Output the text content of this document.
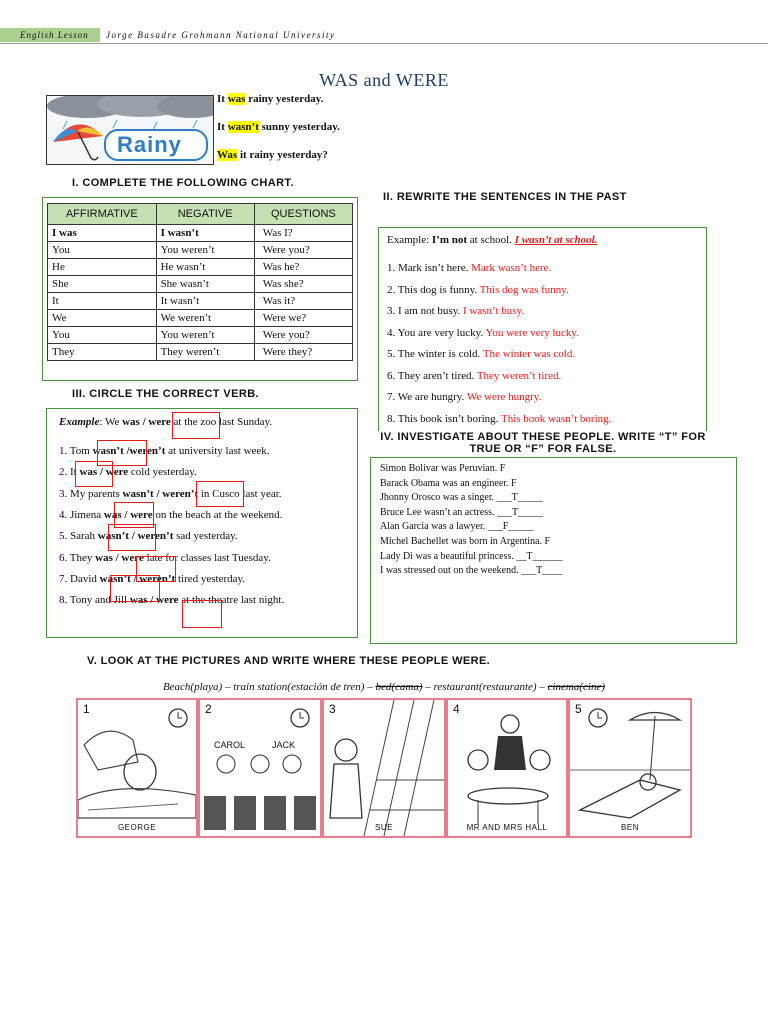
English Lesson	Jorge Basadre Grohmann National University
WAS and WERE
Rainy
It was rainy yesterday.
It wasn’t sunny yesterday.
Was it rainy yesterday?
I. COMPLETE THE FOLLOWING CHART.
AFFIRMATIVE	NEGATIVE	QUESTIONS
I was	I wasn’t	Was I?
You	You weren’t	Were you?
He	He wasn’t	Was he?
She	She wasn’t	Was she?
It	It wasn’t	Was it?
We	We weren’t	Were we?
You	You weren’t	Were you?
They	They weren’t	Were they?
II. REWRITE THE SENTENCES IN THE PAST
Example: I’m not at school. I wasn’t at school.
1. Mark isn’t here. Mark wasn’t here.
2. This dog is funny. This dog was funny.
3. I am not busy. I wasn’t busy.
4. You are very lucky. You were very lucky.
5. The winter is cold. The winter was cold.
6. They aren’t tired. They weren’t tired.
7. We are hungry. We were hungry.
8. This book isn’t boring. This book wasn’t boring.
III. CIRCLE THE CORRECT VERB.
Example: We was / were at the zoo last Sunday.
1. Tom wasn’t /weren’t at university last week.
2. It was / were cold yesterday.
3. My parents wasn’t / weren’t in Cusco last year.
4. Jimena was / were on the beach at the weekend.
5. Sarah wasn’t / weren’t sad yesterday.
6. They was / were late for classes last Tuesday.
7. David wasn’t / weren’t tired yesterday.
8. Tony and Jill was / were at the theatre last night.
IV. INVESTIGATE ABOUT THESE PEOPLE. WRITE “T” FOR
TRUE OR “F” FOR FALSE.
Simon Bolivar was Peruvian. F
Barack Obama was an engineer. F
Jhonny Orosco was a singer. ___T_____
Bruce Lee wasn’t an actress. ___T_____
Alan Garcia was a lawyer. ___F_____
Michel Bachellet was born in Argentina. F
Lady Di was a beautiful princess. __T______
I was stressed out on the weekend. ___T____
V. LOOK AT THE PICTURES AND WRITE WHERE THESE PEOPLE WERE.
Beach(playa) – train station(estación de tren) – bed(cama) – restaurant(restaurante) – cinema(cine)
1
GEORGE
2
CAROL	JACK
3
SUE
4
MR AND MRS HALL
5
BEN
